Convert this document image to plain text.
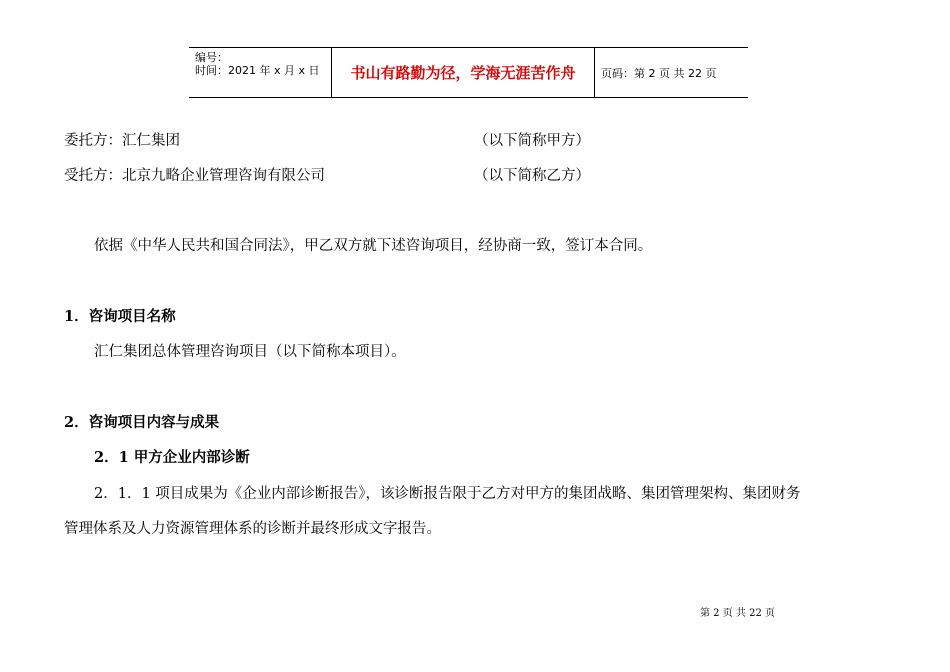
编号：
时间：2021 年 x 月 x 日	书山有路勤为径，学海无涯苦作舟	页码：第 2 页 共 22 页
委托方：汇仁集团	（以下简称甲方）
受托方：北京九略企业管理咨询有限公司	（以下简称乙方）
依据《中华人民共和国合同法》，甲乙双方就下述咨询项目，经协商一致，签订本合同。
1．咨询项目名称
汇仁集团总体管理咨询项目（以下简称本项目）。
2．咨询项目内容与成果
2．1 甲方企业内部诊断
2．1．1 项目成果为《企业内部诊断报告》，该诊断报告限于乙方对甲方的集团战略、集团管理架构、集团财务
管理体系及人力资源管理体系的诊断并最终形成文字报告。
第 2 页 共 22 页
